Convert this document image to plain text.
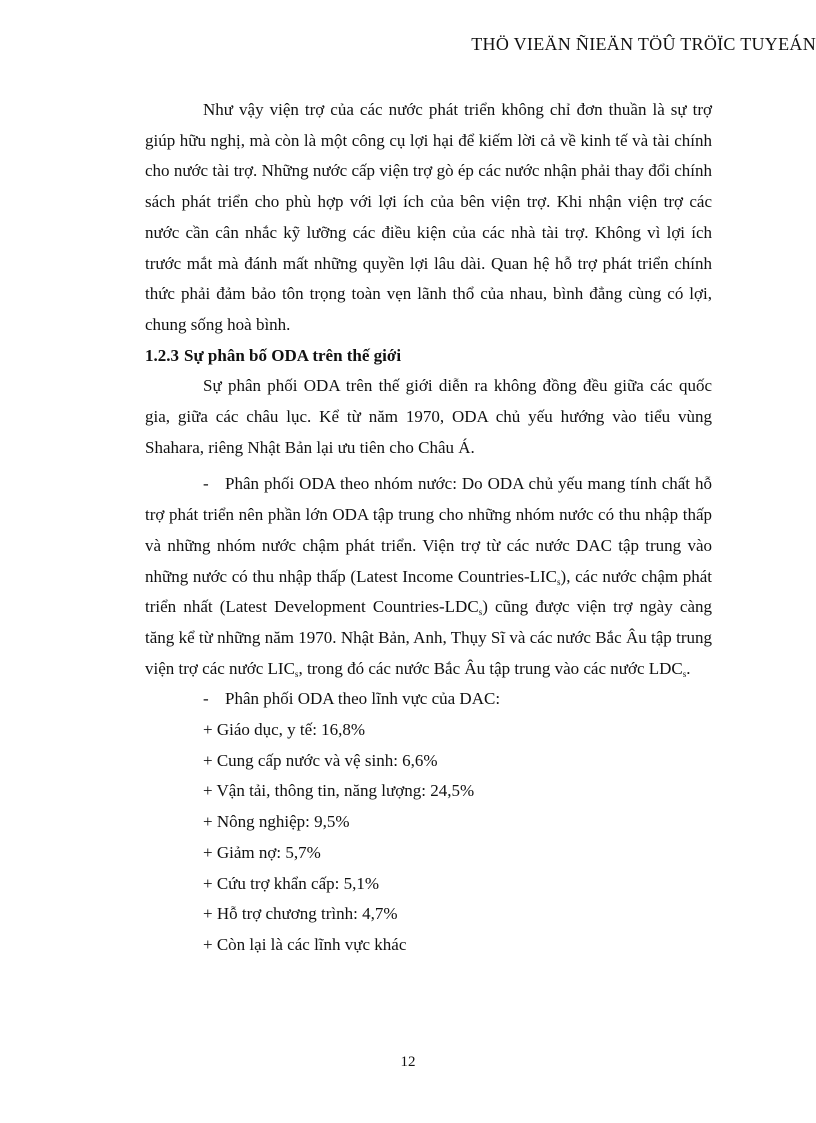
THÖ VIEÄN ÑIEÄN TÖÛ TRÖÏC TUYEÁN

Như vậy viện trợ của các nước phát triển không chỉ đơn thuần là sự trợ giúp hữu nghị, mà còn là một công cụ lợi hại để kiếm lời cả về kinh tế và tài chính cho nước tài trợ. Những nước cấp viện trợ gò ép các nước nhận phải thay đổi chính sách phát triển cho phù hợp với lợi ích của bên viện trợ. Khi nhận viện trợ các nước cần cân nhắc kỹ lưỡng các điều kiện của các nhà tài trợ. Không vì lợi ích trước mắt mà đánh mất những quyền lợi lâu dài. Quan hệ hỗ trợ phát triển chính thức phải đảm bảo tôn trọng toàn vẹn lãnh thổ của nhau, bình đẳng cùng có lợi, chung sống hoà bình.

1.2.3 Sự phân bố ODA trên thế giới

Sự phân phối ODA trên thế giới diễn ra không đồng đều giữa các quốc gia, giữa các châu lục. Kể từ năm 1970, ODA chủ yếu hướng vào tiểu vùng Shahara, riêng Nhật Bản lại ưu tiên cho Châu Á.

- Phân phối ODA theo nhóm nước: Do ODA chủ yếu mang tính chất hỗ trợ phát triển nên phần lớn ODA tập trung cho những nhóm nước có thu nhập thấp và những nhóm nước chậm phát triển. Viện trợ từ các nước DAC tập trung vào những nước có thu nhập thấp (Latest Income Countries-$LIC_s$), các nước chậm phát triển nhất (Latest Development Countries-$LDC_s$) cũng được viện trợ ngày càng tăng kể từ những năm 1970. Nhật Bản, Anh, Thụy Sĩ và các nước Bắc Âu tập trung viện trợ các nước $LIC_s$, trong đó các nước Bắc Âu tập trung vào các nước $LDC_s$.

- Phân phối ODA theo lĩnh vực của DAC:

+ Giáo dục, y tế: 16,8%

+ Cung cấp nước và vệ sinh: 6,6%

+ Vận tải, thông tin, năng lượng: 24,5%

+ Nông nghiệp: 9,5%

+ Giảm nợ: 5,7%

+ Cứu trợ khẩn cấp: 5,1%

+ Hỗ trợ chương trình: 4,7%

+ Còn lại là các lĩnh vực khác

12
